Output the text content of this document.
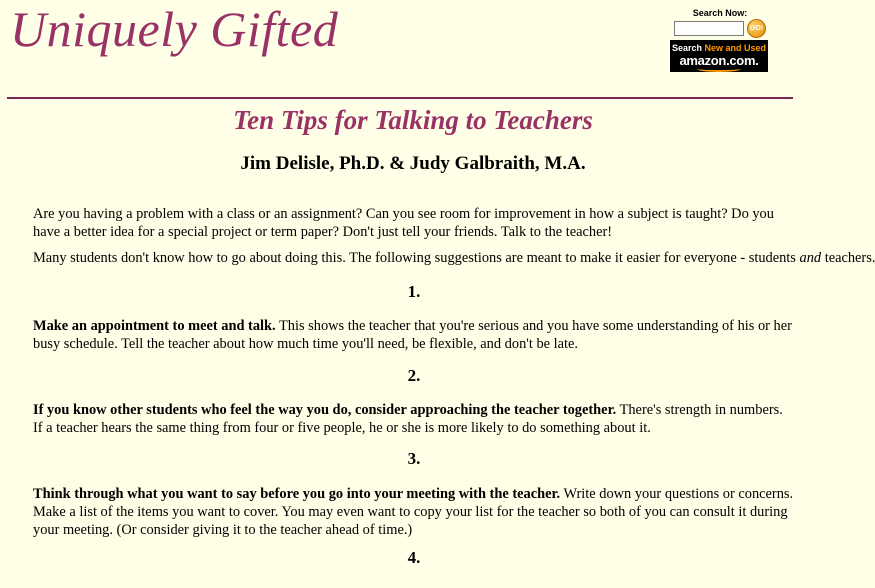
Uniquely Gifted	Search Now:
GO!
Search New and Used
amazon.com.
Ten Tips for Talking to Teachers
Jim Delisle, Ph.D. & Judy Galbraith, M.A.

Are you having a problem with a class or an assignment? Can you see room for improvement in how a subject is taught? Do you have a better idea for a special project or term paper? Don't just tell your friends. Talk to the teacher!

Many students don't know how to go about doing this. The following suggestions are meant to make it easier for everyone - students and teachers.

1.

Make an appointment to meet and talk. This shows the teacher that you're serious and you have some understanding of his or her busy schedule. Tell the teacher about how much time you'll need, be flexible, and don't be late.

2.

If you know other students who feel the way you do, consider approaching the teacher together. There's strength in numbers. If a teacher hears the same thing from four or five people, he or she is more likely to do something about it.

3.

Think through what you want to say before you go into your meeting with the teacher. Write down your questions or concerns. Make a list of the items you want to cover. You may even want to copy your list for the teacher so both of you can consult it during your meeting. (Or consider giving it to the teacher ahead of time.)

4.
